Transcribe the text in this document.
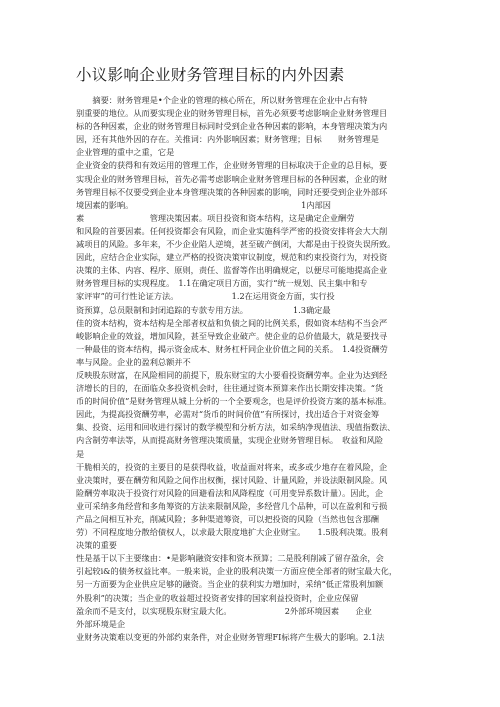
小议影响企业财务管理目标的内外因素
　　摘要：财务管理是•个企业的管理的核心所在，所以财务管理在企业中占有特
别重要的地位。从而要实现企业的财务管理目标，首先必须要考虑影响企业财务管理目
标的各种因素，企业的财务管理目标同时受到企业各种因素的影响，本身管理决策为内
因，还有其他外因的存在。关推词：内外影响因素；财务管理；目标　　财务管理是
企业管理的重中之重，它是
企业资金的获得和有效运用的管理工作，企业财务管理的目标取决于企业的总目标，要
实现企业的财务管理目标，首先必需考虑影响企业财务管理目标的各种因素，企业的财
务管理目标不仅要受到企业本身管理决策的各种因素的影响，同时还要受到企业外部环
境因素的影响。　　　　　　　　　　　　　　　　　　　　　1内部因
素　　　　　　　　管理决策因素。项目投资和资本结构，这是确定企业酬劳
和风险的首要因素。任何投资都会有风险，而企业实施科学严密的投资安排将会大大削
减项目的风险。多年来，不少企业陷人逆境，甚至破产倒闭，大都是由于投资失误所致。
因此，应结合企业实际，建立严格的投资决策审议制度，规范和约束投资行为，对投资
决策的主体、内容、程序、原则，责任、监督等作出明确规定，以便尽可能地提高企业
财务管理目标的实现程度。　1.1在确定项目方面，实行“统一规划、民主集中和专
家评审”的可行性论证方法。　　　　　　　1.2在运用资金方面，实行投
资预算，总员限制和封闭追踪的专款专用方法。　　　　　　1.3确定最
佳的资本结构，资本结构是全部者权益和负债之间的比例关系，假如资本结构不当会严
峻影响企业的效益，增加风险，甚至导致企业破产。使企业的总价值最大，就是要找寻
一种最佳的资本结构，揭示资金成本、财务杠杆同企业价值之间的关系。　1.4投资酬劳
率与风险。企业的盈利总额并不
反映股东财富，在风险相同的前提下，股东财宝的大小要看投资酬劳率。企业为达到经
济增长的目的，在面临众多投资机会时，往往通过资本预算来作出长期安排决策。“货
币的时间价值”是财务管理从城上分析的一个全要观念，也是评价投资方案的基本标准。
因此，为提高投资酬劳率，必需对“货币的时间价值”有所探讨，找出适合于对资金筹
集、投资、运用和回收进行探讨的数学模型和分析方法，如采纳净现值法、现值指数法、
内含制劳率法等，从而提高财务管理决策质量，实现企业财务管理目标。　收益和风险
是
干脆相关的，投资的主要目的是获得收益，收益面对将来，或多或少地存在着风险，企
业决策时，要在酬劳和风险之间作出权衡，探讨风险、计量风险，并设法限制风险。风
险酬劳率取决于投资行对风险的回避看法和风降程度（可用变异系数计量）。因此，企
业可采纳多角经营和多角筹资的方法来限制风险，多经营几个品种，可以在盈利和亏损
产品之间相互补充，削减风险；多种渠道筹资，可以把投资的风险（当然也包含那酬
劳）不同程度地分散给债权人，以求最大限度地扩大企业财宝。　　1.5股利决策。股利
决策的重要
性是基于以下主要缘由：•是影响融资安排和资本预算；二是股利削减了留存盈余，会
引起较ⅰ&的债务权益比率。一般来说，企业的股利决策一方面应使全部者的财宝最大化，
另一方面要为企业供应足够的融资。当企业的获利实力增加时，采纳“低正常股利加额
外股利”的决策；当企业的收益超过投资者安排的国家利益投资时，企业应保留
盈余而不是支付，以实现股东财宝最大化。　　　　　　　2外部环境因素　　企业
外部环境是企
业财务决策难以变更的外部约束条件，对企业财务管理FI标将产生极大的影响。2.1法
